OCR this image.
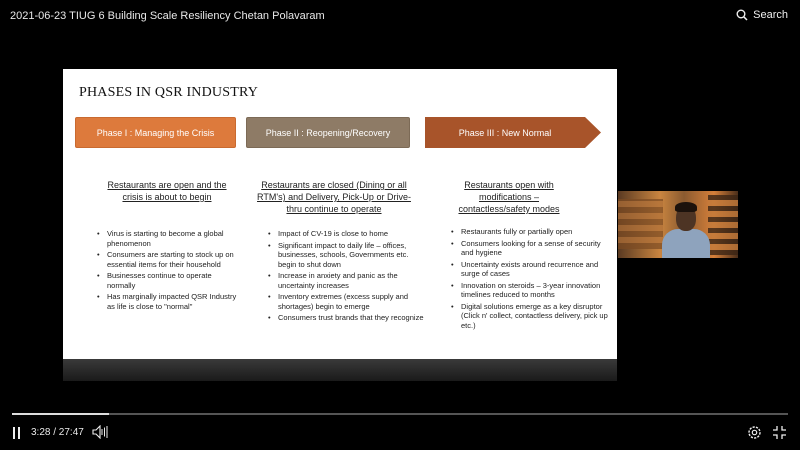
2021-06-23 TIUG 6 Building Scale Resiliency Chetan Polavaram	Search
PHASES IN QSR INDUSTRY
Phase I : Managing the Crisis	Phase II : Reopening/Recovery	Phase III : New Normal
Restaurants are open and the crisis is about to begin
• Virus is starting to become a global phenomenon
• Consumers are starting to stock up on essential items for their household
• Businesses continue to operate normally
• Has marginally impacted QSR Industry as life is close to "normal"
Restaurants are closed (Dining or all RTM's) and Delivery, Pick-Up or Drive-thru continue to operate
• Impact of CV-19 is close to home
• Significant impact to daily life – offices, businesses, schools, Governments etc. begin to shut down
• Increase in anxiety and panic as the uncertainty increases
• Inventory extremes (excess supply and shortages) begin to emerge
• Consumers trust brands that they recognize
Restaurants open with modifications – contactless/safety modes
• Restaurants fully or partially open
• Consumers looking for a sense of security and hygiene
• Uncertainty exists around recurrence and surge of cases
• Innovation on steroids – 3-year innovation timelines reduced to months
• Digital solutions emerge as a key disruptor (Click n' collect, contactless delivery, pick up etc.)
3:28 / 27:47
